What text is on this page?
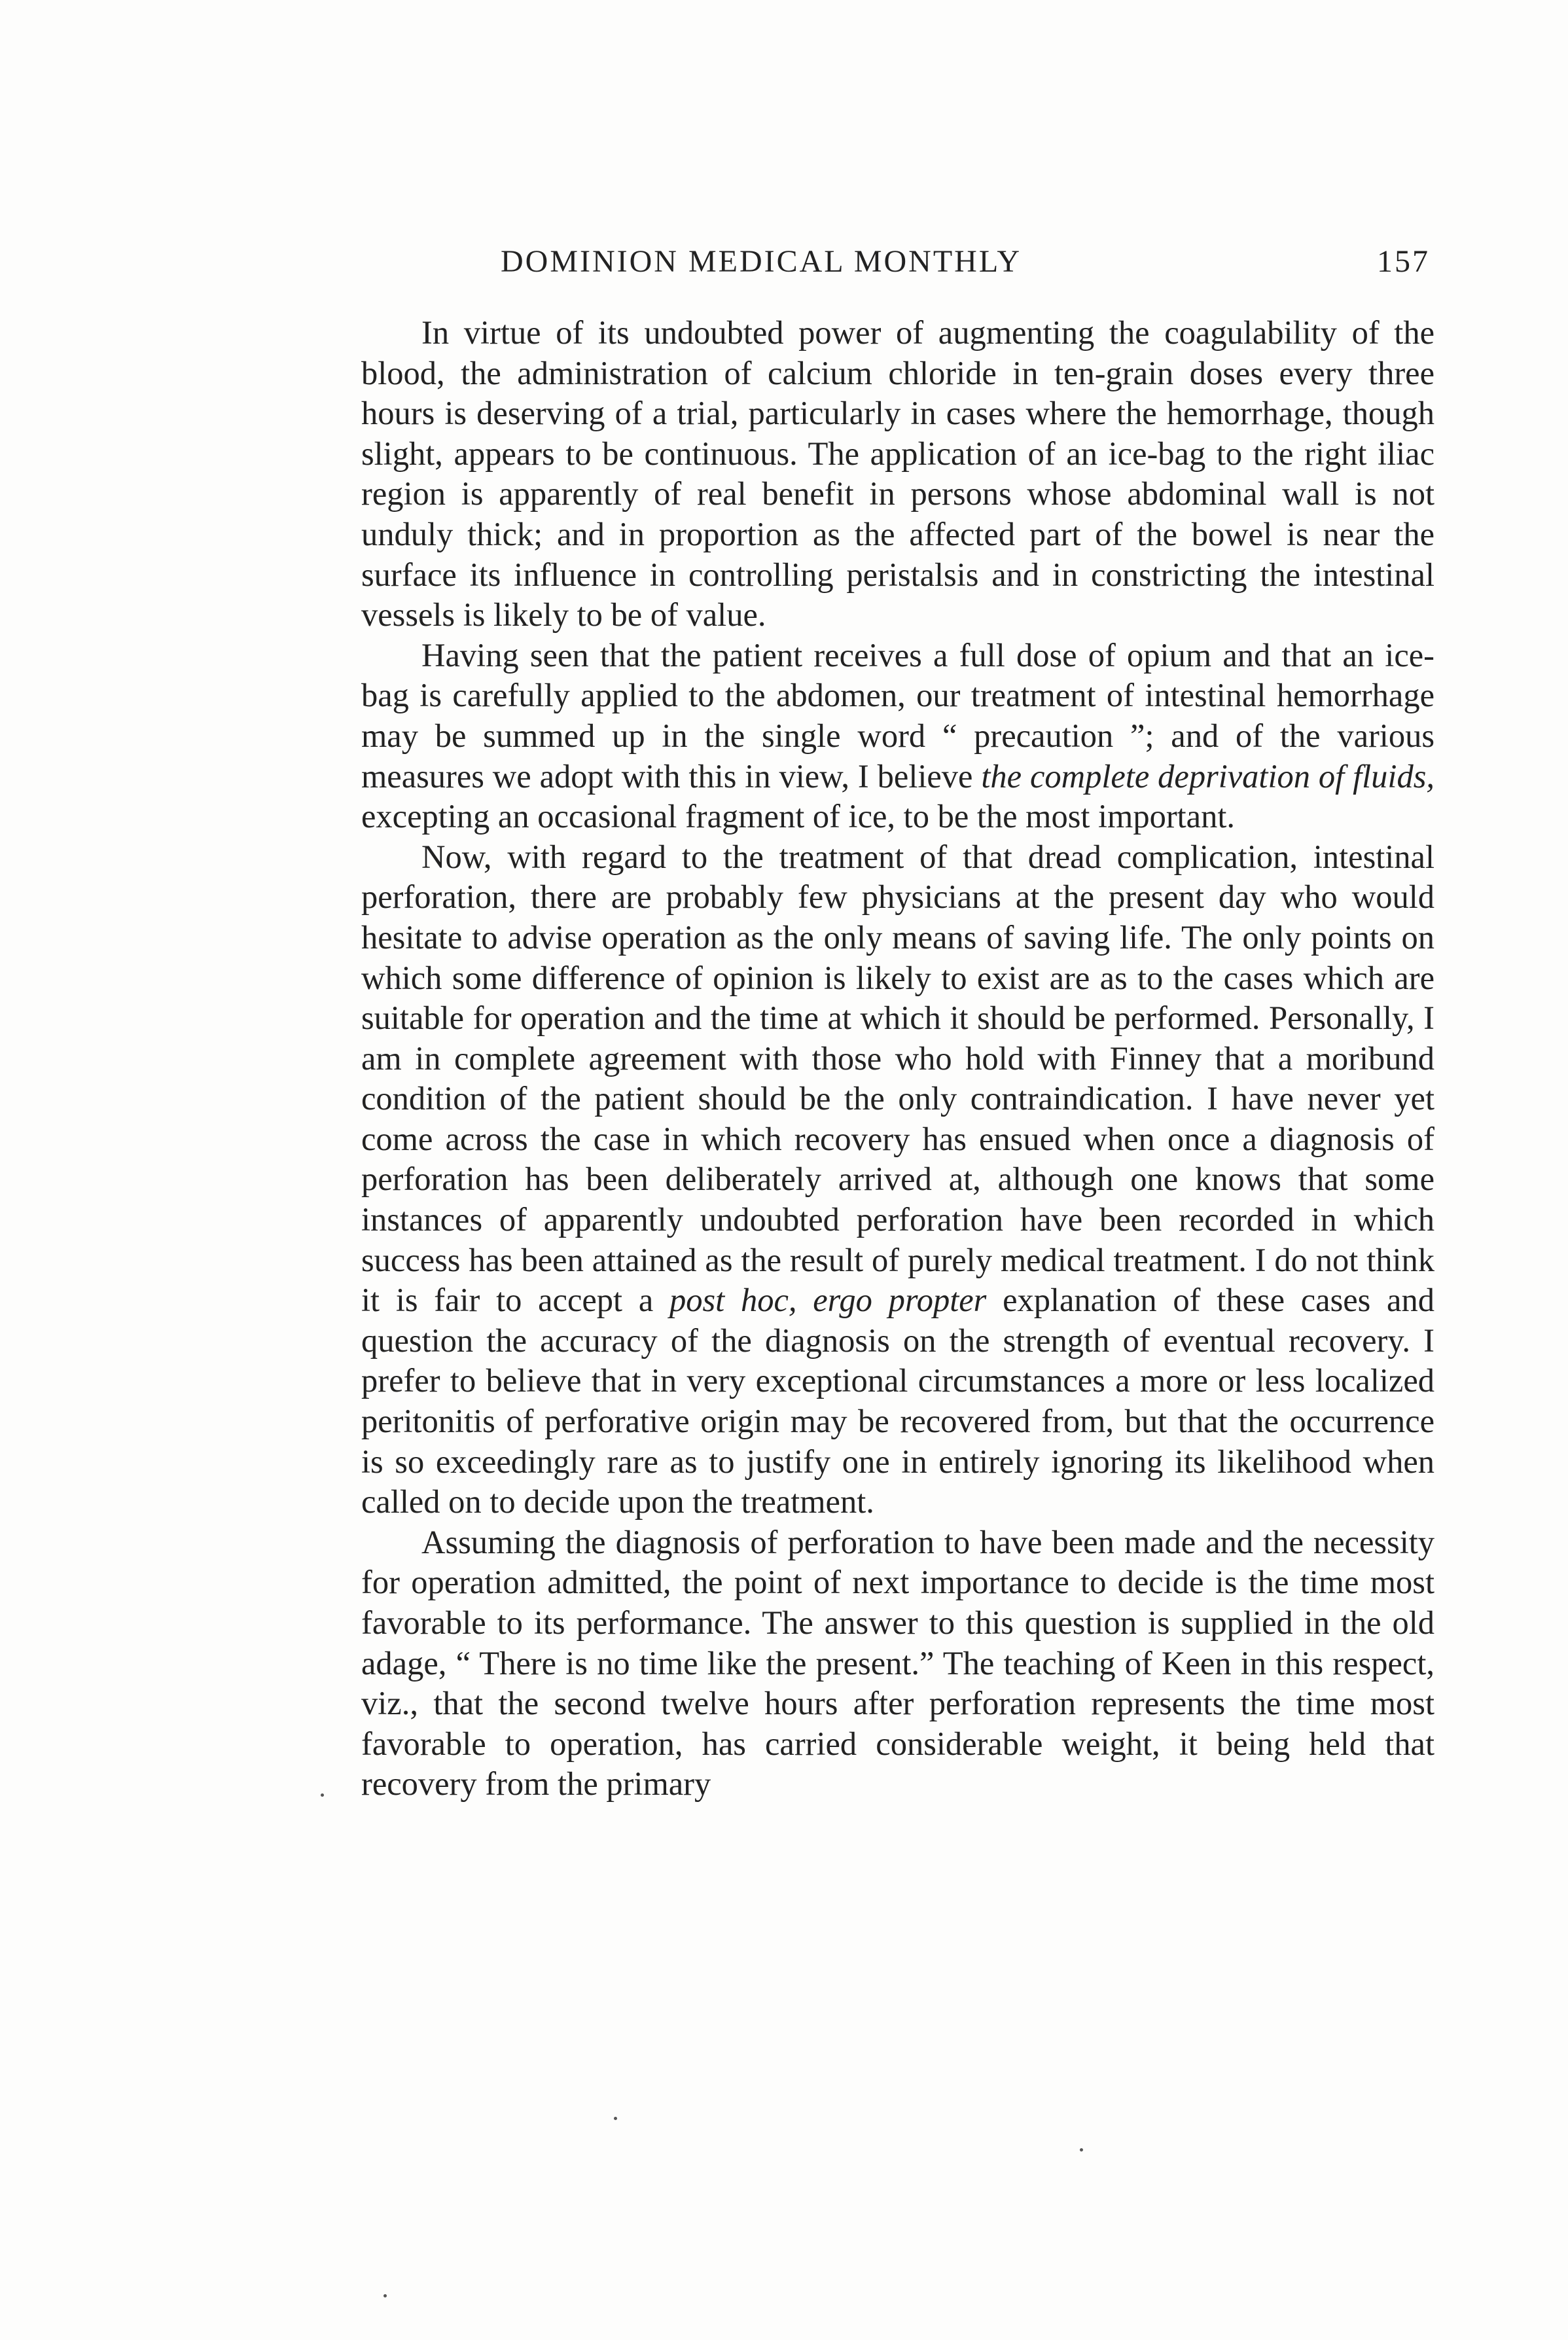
DOMINION MEDICAL MONTHLY	157

In virtue of its undoubted power of augmenting the coagulability of the blood, the administration of calcium chloride in ten-grain doses every three hours is deserving of a trial, particularly in cases where the hemorrhage, though slight, appears to be continuous. The application of an ice-bag to the right iliac region is apparently of real benefit in persons whose abdominal wall is not unduly thick; and in proportion as the affected part of the bowel is near the surface its influence in controlling peristalsis and in constricting the intestinal vessels is likely to be of value.

Having seen that the patient receives a full dose of opium and that an ice-bag is carefully applied to the abdomen, our treatment of intestinal hemorrhage may be summed up in the single word “ precaution ”; and of the various measures we adopt with this in view, I believe the complete deprivation of fluids, excepting an occasional fragment of ice, to be the most important.

Now, with regard to the treatment of that dread complication, intestinal perforation, there are probably few physicians at the present day who would hesitate to advise operation as the only means of saving life. The only points on which some difference of opinion is likely to exist are as to the cases which are suitable for operation and the time at which it should be performed. Personally, I am in complete agreement with those who hold with Finney that a moribund condition of the patient should be the only contraindication. I have never yet come across the case in which recovery has ensued when once a diagnosis of perforation has been deliberately arrived at, although one knows that some instances of apparently undoubted perforation have been recorded in which success has been attained as the result of purely medical treatment. I do not think it is fair to accept a post hoc, ergo propter explanation of these cases and question the accuracy of the diagnosis on the strength of eventual recovery. I prefer to believe that in very exceptional circumstances a more or less localized peritonitis of perforative origin may be recovered from, but that the occurrence is so exceedingly rare as to justify one in entirely ignoring its likelihood when called on to decide upon the treatment.

Assuming the diagnosis of perforation to have been made and the necessity for operation admitted, the point of next importance to decide is the time most favorable to its performance. The answer to this question is supplied in the old adage, “ There is no time like the present.” The teaching of Keen in this respect, viz., that the second twelve hours after perforation represents the time most favorable to operation, has carried considerable weight, it being held that recovery from the primary
